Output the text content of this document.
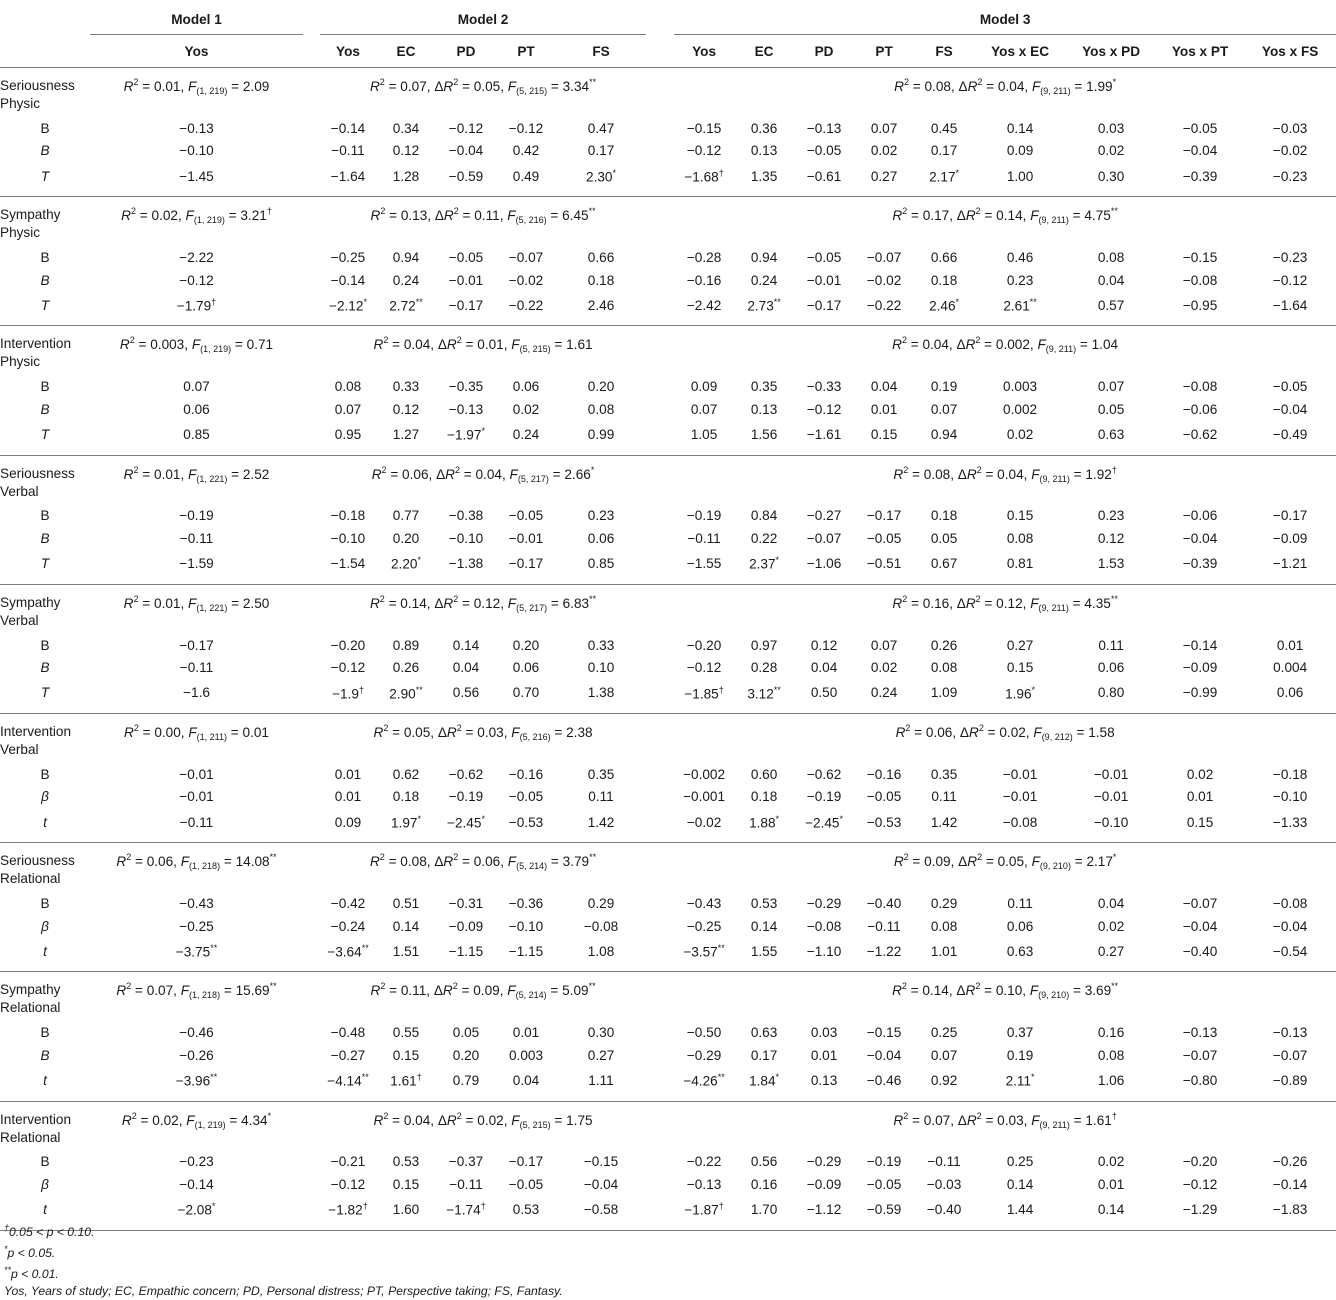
	Model 1		Model 2						Model 3								
	Yos		Yos	EC	PD	PT	FS		Yos	EC	PD	PT	FS	Yos x EC	Yos x PD	Yos x PT	Yos x FS
Seriousness
Physic	$R^2 = 0.01$, $F_{(1, 219)} = 2.09$		$R^2 = 0.07$, $\Delta R^2 = 0.05$, $F_{(5, 215)} = 3.34^{**}$						$R^2 = 0.08$, $\Delta R^2 = 0.04$, $F_{(9, 211)} = 1.99^*$
B	−0.13		−0.14	0.34	−0.12	−0.12	0.47		−0.15	0.36	−0.13	0.07	0.45	0.14	0.03	−0.05	−0.03
B	−0.10		−0.11	0.12	−0.04	0.42	0.17		−0.12	0.13	−0.05	0.02	0.17	0.09	0.02	−0.04	−0.02
T	−1.45		−1.64	1.28	−0.59	0.49	2.30*		−1.68†	1.35	−0.61	0.27	2.17*	1.00	0.30	−0.39	−0.23
Sympathy
Physic	$R^2 = 0.02$, $F_{(1, 219)} = 3.21^\dagger$		$R^2 = 0.13$, $\Delta R^2 = 0.11$, $F_{(5, 216)} = 6.45^{**}$						$R^2 = 0.17$, $\Delta R^2 = 0.14$, $F_{(9, 211)} = 4.75^{**}$
B	−2.22		−0.25	0.94	−0.05	−0.07	0.66		−0.28	0.94	−0.05	−0.07	0.66	0.46	0.08	−0.15	−0.23
B	−0.12		−0.14	0.24	−0.01	−0.02	0.18		−0.16	0.24	−0.01	−0.02	0.18	0.23	0.04	−0.08	−0.12
T	−1.79†		−2.12*	2.72**	−0.17	−0.22	2.46		−2.42	2.73**	−0.17	−0.22	2.46*	2.61**	0.57	−0.95	−1.64
Intervention
Physic	$R^2 = 0.003$, $F_{(1, 219)} = 0.71$		$R^2 = 0.04$, $\Delta R^2 = 0.01$, $F_{(5, 215)} = 1.61$						$R^2 = 0.04$, $\Delta R^2 = 0.002$, $F_{(9, 211)} = 1.04$								
B	0.07		0.08	0.33	−0.35	0.06	0.20		0.09	0.35	−0.33	0.04	0.19	0.003	0.07	−0.08	−0.05
B	0.06		0.07	0.12	−0.13	0.02	0.08		0.07	0.13	−0.12	0.01	0.07	0.002	0.05	−0.06	−0.04
T	0.85		0.95	1.27	−1.97*	0.24	0.99		1.05	1.56	−1.61	0.15	0.94	0.02	0.63	−0.62	−0.49
Seriousness
Verbal	$R^2 = 0.01$, $F_{(1, 221)} = 2.52$		$R^2 = 0.06$, $\Delta R^2 = 0.04$, $F_{(5, 217)} = 2.66^*$						$R^2 = 0.08$, $\Delta R^2 = 0.04$, $F_{(9, 211)} = 1.92^\dagger$
B	−0.19		−0.18	0.77	−0.38	−0.05	0.23		−0.19	0.84	−0.27	−0.17	0.18	0.15	0.23	−0.06	−0.17
B	−0.11		−0.10	0.20	−0.10	−0.01	0.06		−0.11	0.22	−0.07	−0.05	0.05	0.08	0.12	−0.04	−0.09
T	−1.59		−1.54	2.20*	−1.38	−0.17	0.85		−1.55	2.37*	−1.06	−0.51	0.67	0.81	1.53	−0.39	−1.21
Sympathy
Verbal	$R^2 = 0.01$, $F_{(1, 221)} = 2.50$		$R^2 = 0.14$, $\Delta R^2 = 0.12$, $F_{(5, 217)} = 6.83^{**}$						$R^2 = 0.16$, $\Delta R^2 = 0.12$, $F_{(9, 211)} = 4.35^{**}$
B	−0.17		−0.20	0.89	0.14	0.20	0.33		−0.20	0.97	0.12	0.07	0.26	0.27	0.11	−0.14	0.01
B	−0.11		−0.12	0.26	0.04	0.06	0.10		−0.12	0.28	0.04	0.02	0.08	0.15	0.06	−0.09	0.004
T	−1.6		−1.9†	2.90**	0.56	0.70	1.38		−1.85†	3.12**	0.50	0.24	1.09	1.96*	0.80	−0.99	0.06
Intervention
Verbal	$R^2 = 0.00$, $F_{(1, 211)} = 0.01$		$R^2 = 0.05$, $\Delta R^2 = 0.03$, $F_{(5, 216)} = 2.38$						$R^2 = 0.06$, $\Delta R^2 = 0.02$, $F_{(9, 212)} = 1.58$								
B	−0.01		0.01	0.62	−0.62	−0.16	0.35		−0.002	0.60	−0.62	−0.16	0.35	−0.01	−0.01	0.02	−0.18
β	−0.01		0.01	0.18	−0.19	−0.05	0.11		−0.001	0.18	−0.19	−0.05	0.11	−0.01	−0.01	0.01	−0.10
t	−0.11		0.09	1.97*	−2.45*	−0.53	1.42		−0.02	1.88*	−2.45*	−0.53	1.42	−0.08	−0.10	0.15	−1.33
Seriousness
Relational	$R^2 = 0.06$, $F_{(1, 218)} = 14.08^{**}$		$R^2 = 0.08$, $\Delta R^2 = 0.06$, $F_{(5, 214)} = 3.79^{**}$						$R^2 = 0.09$, $\Delta R^2 = 0.05$, $F_{(9, 210)} = 2.17^*$
B	−0.43		−0.42	0.51	−0.31	−0.36	0.29		−0.43	0.53	−0.29	−0.40	0.29	0.11	0.04	−0.07	−0.08
β	−0.25		−0.24	0.14	−0.09	−0.10	−0.08		−0.25	0.14	−0.08	−0.11	0.08	0.06	0.02	−0.04	−0.04
t	−3.75**		−3.64**	1.51	−1.15	−1.15	1.08		−3.57**	1.55	−1.10	−1.22	1.01	0.63	0.27	−0.40	−0.54
Sympathy
Relational	$R^2 = 0.07$, $F_{(1, 218)} = 15.69^{**}$		$R^2 = 0.11$, $\Delta R^2 = 0.09$, $F_{(5, 214)} = 5.09^{**}$						$R^2 = 0.14$, $\Delta R^2 = 0.10$, $F_{(9, 210)} = 3.69^{**}$
B	−0.46		−0.48	0.55	0.05	0.01	0.30		−0.50	0.63	0.03	−0.15	0.25	0.37	0.16	−0.13	−0.13
B	−0.26		−0.27	0.15	0.20	0.003	0.27		−0.29	0.17	0.01	−0.04	0.07	0.19	0.08	−0.07	−0.07
t	−3.96**		−4.14**	1.61†	0.79	0.04	1.11		−4.26**	1.84*	0.13	−0.46	0.92	2.11*	1.06	−0.80	−0.89
Intervention
Relational	$R^2 = 0.02$, $F_{(1, 219)} = 4.34^*$		$R^2 = 0.04$, $\Delta R^2 = 0.02$, $F_{(5, 215)} = 1.75$						$R^2 = 0.07$, $\Delta R^2 = 0.03$, $F_{(9, 211)} = 1.61^\dagger$
B	−0.23		−0.21	0.53	−0.37	−0.17	−0.15		−0.22	0.56	−0.29	−0.19	−0.11	0.25	0.02	−0.20	−0.26
β	−0.14		−0.12	0.15	−0.11	−0.05	−0.04		−0.13	0.16	−0.09	−0.05	−0.03	0.14	0.01	−0.12	−0.14
t	−2.08*		−1.82†	1.60	−1.74†	0.53	−0.58		−1.87†	1.70	−1.12	−0.59	−0.40	1.44	0.14	−1.29	−1.83
†0.05 < p < 0.10.
*p < 0.05.
**p < 0.01.
Yos, Years of study; EC, Empathic concern; PD, Personal distress; PT, Perspective taking; FS, Fantasy.
